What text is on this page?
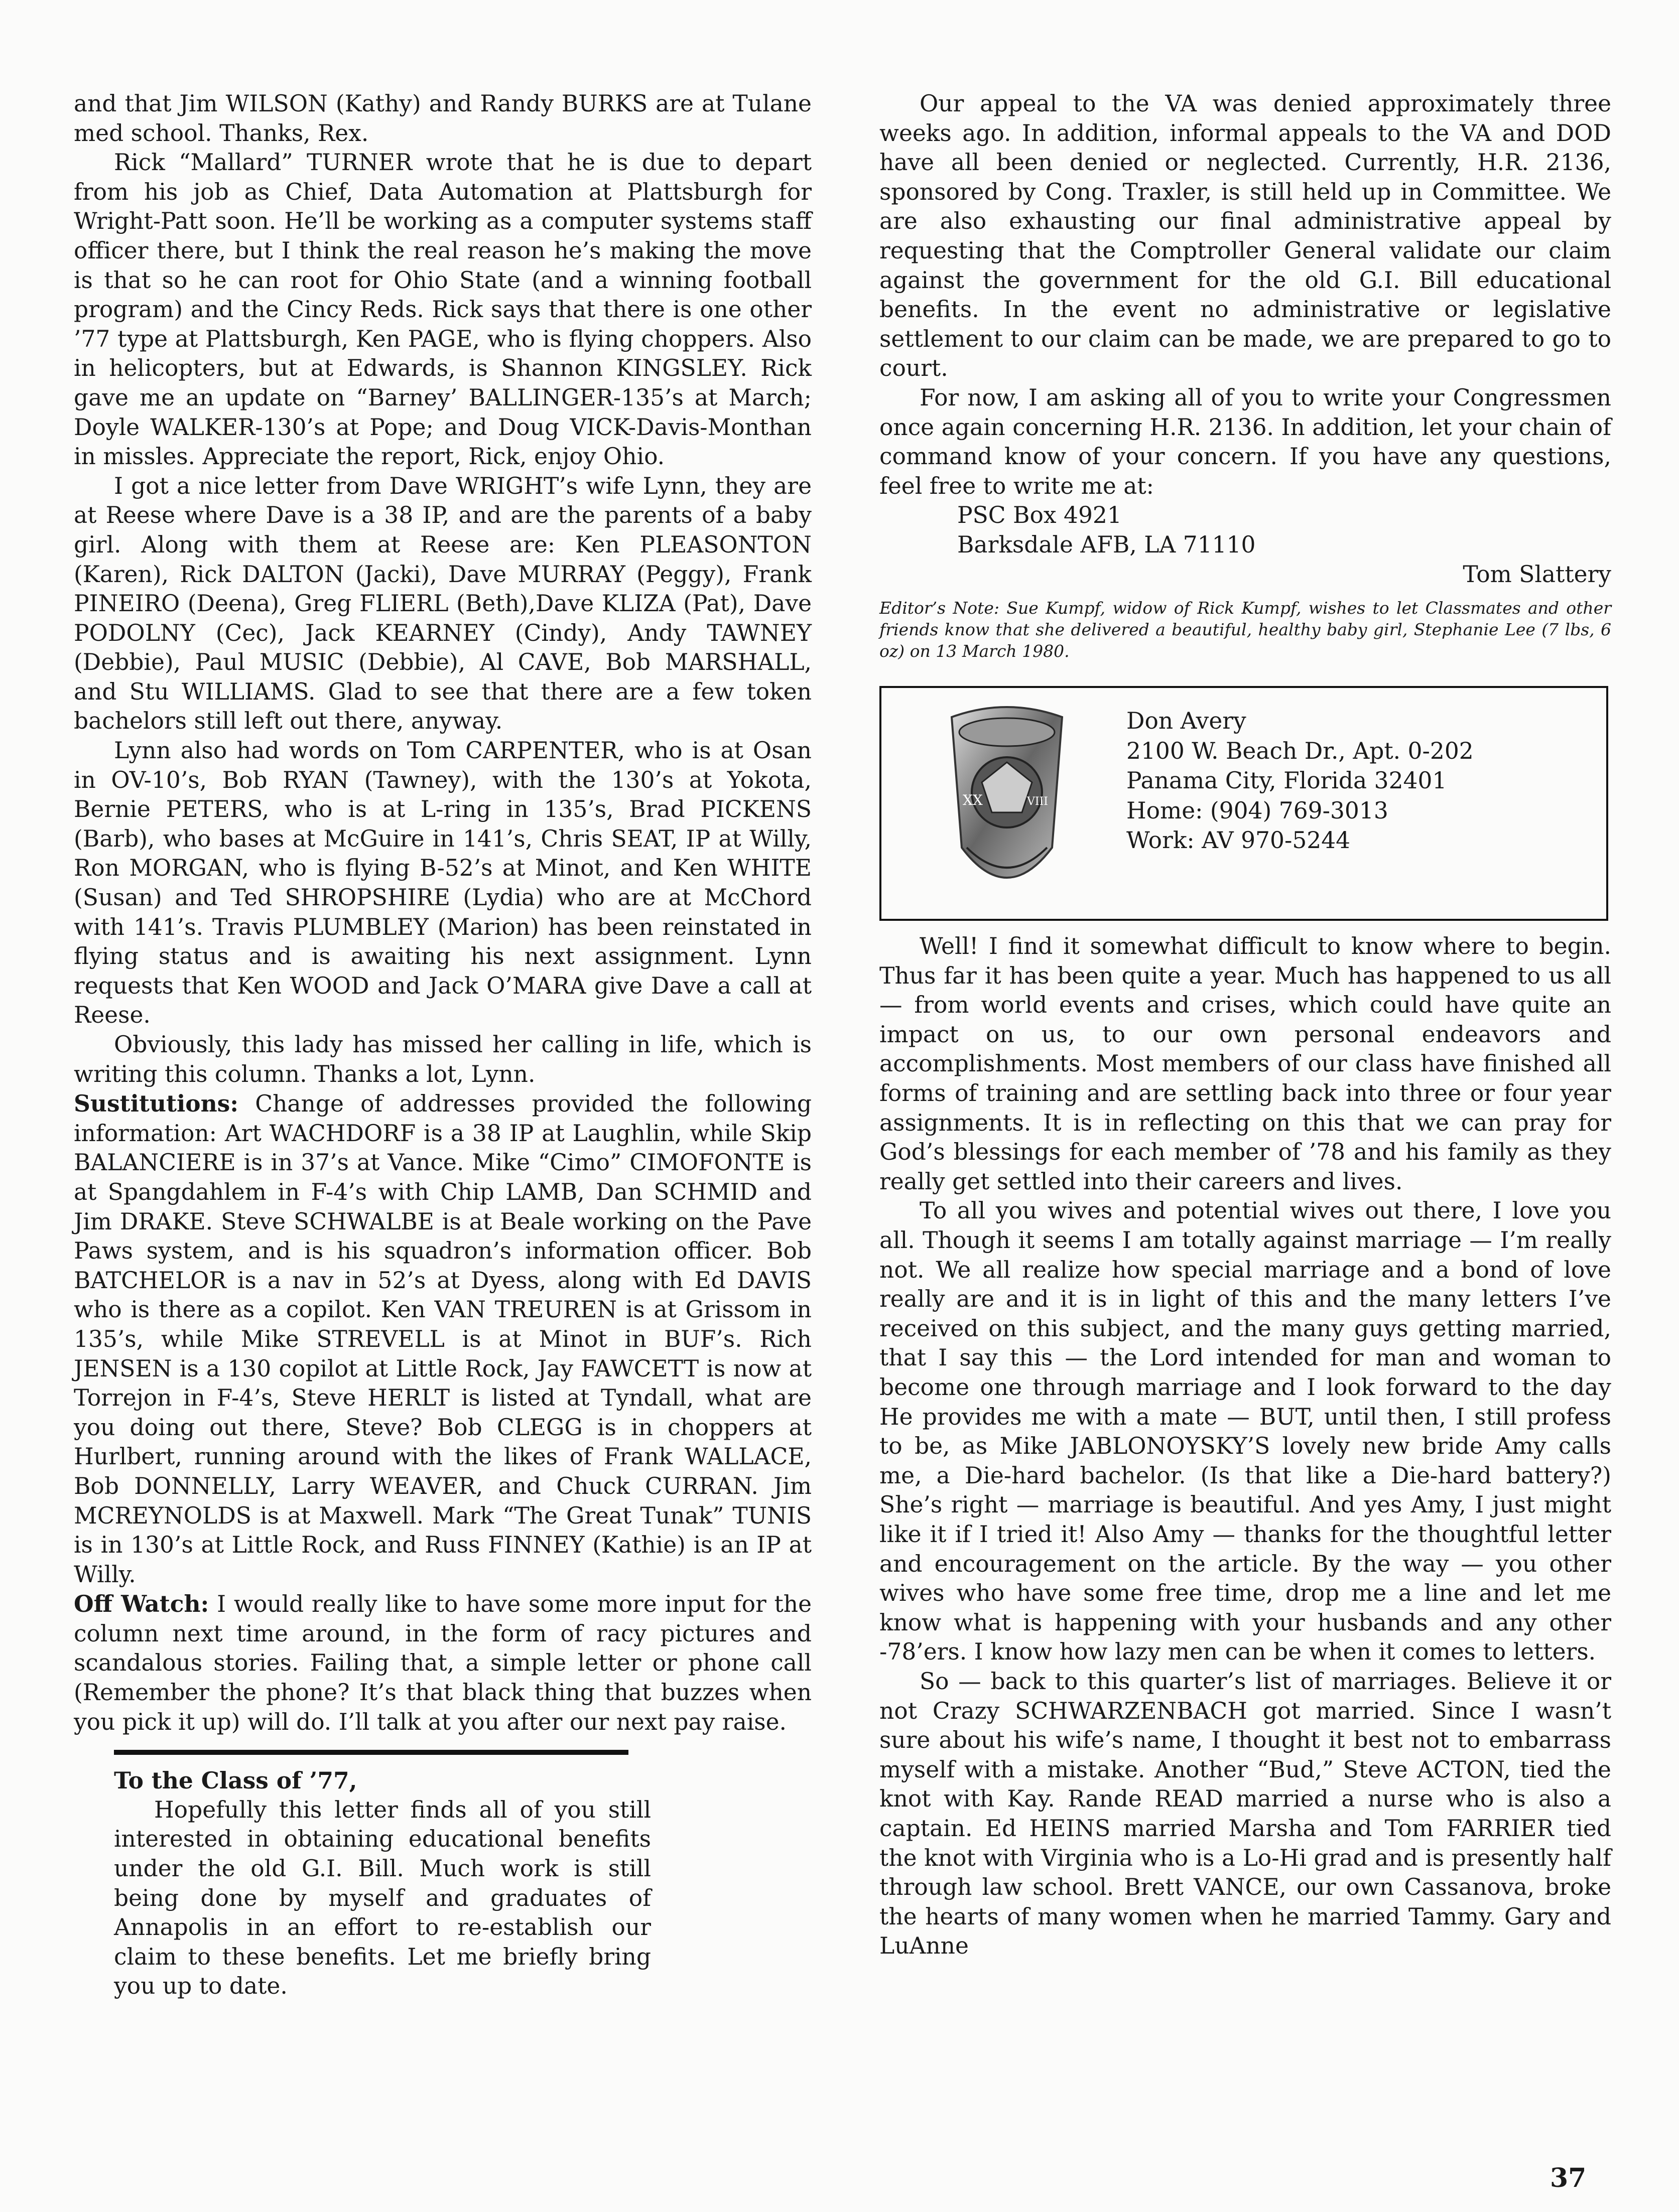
and that Jim WILSON (Kathy) and Randy BURKS are at Tulane med school. Thanks, Rex.

Rick “Mallard” TURNER wrote that he is due to depart from his job as Chief, Data Automation at Plattsburgh for Wright-Patt soon. He’ll be working as a computer systems staff officer there, but I think the real reason he’s making the move is that so he can root for Ohio State (and a winning football program) and the Cincy Reds. Rick says that there is one other ’77 type at Plattsburgh, Ken PAGE, who is flying choppers. Also in helicopters, but at Edwards, is Shannon KINGSLEY. Rick gave me an update on “Barney’ BALLINGER-135’s at March; Doyle WALKER-130’s at Pope; and Doug VICK-Davis-Monthan in missles. Appreciate the report, Rick, enjoy Ohio.

I got a nice letter from Dave WRIGHT’s wife Lynn, they are at Reese where Dave is a 38 IP, and are the parents of a baby girl. Along with them at Reese are: Ken PLEASONTON (Karen), Rick DALTON (Jacki), Dave MURRAY (Peggy), Frank PINEIRO (Deena), Greg FLIERL (Beth),Dave KLIZA (Pat), Dave PODOLNY (Cec), Jack KEARNEY (Cindy), Andy TAWNEY (Debbie), Paul MUSIC (Debbie), Al CAVE, Bob MARSHALL, and Stu WILLIAMS. Glad to see that there are a few token bachelors still left out there, anyway.

Lynn also had words on Tom CARPENTER, who is at Osan in OV-10’s, Bob RYAN (Tawney), with the 130’s at Yokota, Bernie PETERS, who is at L-ring in 135’s, Brad PICKENS (Barb), who bases at McGuire in 141’s, Chris SEAT, IP at Willy, Ron MORGAN, who is flying B-52’s at Minot, and Ken WHITE (Susan) and Ted SHROPSHIRE (Lydia) who are at McChord with 141’s. Travis PLUMBLEY (Marion) has been reinstated in flying status and is awaiting his next assignment. Lynn requests that Ken WOOD and Jack O’MARA give Dave a call at Reese.

Obviously, this lady has missed her calling in life, which is writing this column. Thanks a lot, Lynn.

Sustitutions: Change of addresses provided the following information: Art WACHDORF is a 38 IP at Laughlin, while Skip BALANCIERE is in 37’s at Vance. Mike “Cimo” CIMOFONTE is at Spangdahlem in F-4’s with Chip LAMB, Dan SCHMID and Jim DRAKE. Steve SCHWALBE is at Beale working on the Pave Paws system, and is his squadron’s information officer. Bob BATCHELOR is a nav in 52’s at Dyess, along with Ed DAVIS who is there as a copilot. Ken VAN TREUREN is at Grissom in 135’s, while Mike STREVELL is at Minot in BUF’s. Rich JENSEN is a 130 copilot at Little Rock, Jay FAWCETT is now at Torrejon in F-4’s, Steve HERLT is listed at Tyndall, what are you doing out there, Steve? Bob CLEGG is in choppers at Hurlbert, running around with the likes of Frank WALLACE, Bob DONNELLY, Larry WEAVER, and Chuck CURRAN. Jim MCREYNOLDS is at Maxwell. Mark “The Great Tunak” TUNIS is in 130’s at Little Rock, and Russ FINNEY (Kathie) is an IP at Willy.

Off Watch: I would really like to have some more input for the column next time around, in the form of racy pictures and scandalous stories. Failing that, a simple letter or phone call (Remember the phone? It’s that black thing that buzzes when you pick it up) will do. I’ll talk at you after our next pay raise.

To the Class of ’77,

Hopefully this letter finds all of you still interested in obtaining educational benefits under the old G.I. Bill. Much work is still being done by myself and graduates of Annapolis in an effort to re-establish our claim to these benefits. Let me briefly bring you up to date.

Our appeal to the VA was denied approximately three weeks ago. In addition, informal appeals to the VA and DOD have all been denied or neglected. Currently, H.R. 2136, sponsored by Cong. Traxler, is still held up in Committee. We are also exhausting our final administrative appeal by requesting that the Comptroller General validate our claim against the government for the old G.I. Bill educational benefits. In the event no administrative or legislative settlement to our claim can be made, we are prepared to go to court.

For now, I am asking all of you to write your Congressmen once again concerning H.R. 2136. In addition, let your chain of command know of your concern. If you have any questions, feel free to write me at:

PSC Box 4921

Barksdale AFB, LA 71110

Tom Slattery

Editor’s Note: Sue Kumpf, widow of Rick Kumpf, wishes to let Classmates and other friends know that she delivered a beautiful, healthy baby girl, Stephanie Lee (7 lbs, 6 oz) on 13 March 1980.

XX	VIII

Don Avery

2100 W. Beach Dr., Apt. 0-202

Panama City, Florida 32401

Home: (904) 769-3013

Work: AV 970-5244

Well! I find it somewhat difficult to know where to begin. Thus far it has been quite a year. Much has happened to us all — from world events and crises, which could have quite an impact on us, to our own personal endeavors and accomplishments. Most members of our class have finished all forms of training and are settling back into three or four year assignments. It is in reflecting on this that we can pray for God’s blessings for each member of ’78 and his family as they really get settled into their careers and lives.

To all you wives and potential wives out there, I love you all. Though it seems I am totally against marriage — I’m really not. We all realize how special marriage and a bond of love really are and it is in light of this and the many letters I’ve received on this subject, and the many guys getting married, that I say this — the Lord intended for man and woman to become one through marriage and I look forward to the day He provides me with a mate — BUT, until then, I still profess to be, as Mike JABLONOYSKY’S lovely new bride Amy calls me, a Die-hard bachelor. (Is that like a Die-hard battery?) She’s right — marriage is beautiful. And yes Amy, I just might like it if I tried it! Also Amy — thanks for the thoughtful letter and encouragement on the article. By the way — you other wives who have some free time, drop me a line and let me know what is happening with your husbands and any other -78’ers. I know how lazy men can be when it comes to letters.

So — back to this quarter’s list of marriages. Believe it or not Crazy SCHWARZENBACH got married. Since I wasn’t sure about his wife’s name, I thought it best not to embarrass myself with a mistake. Another “Bud,” Steve ACTON, tied the knot with Kay. Rande READ married a nurse who is also a captain. Ed HEINS married Marsha and Tom FARRIER tied the knot with Virginia who is a Lo-Hi grad and is presently half through law school. Brett VANCE, our own Cassanova, broke the hearts of many women when he married Tammy. Gary and LuAnne

37
